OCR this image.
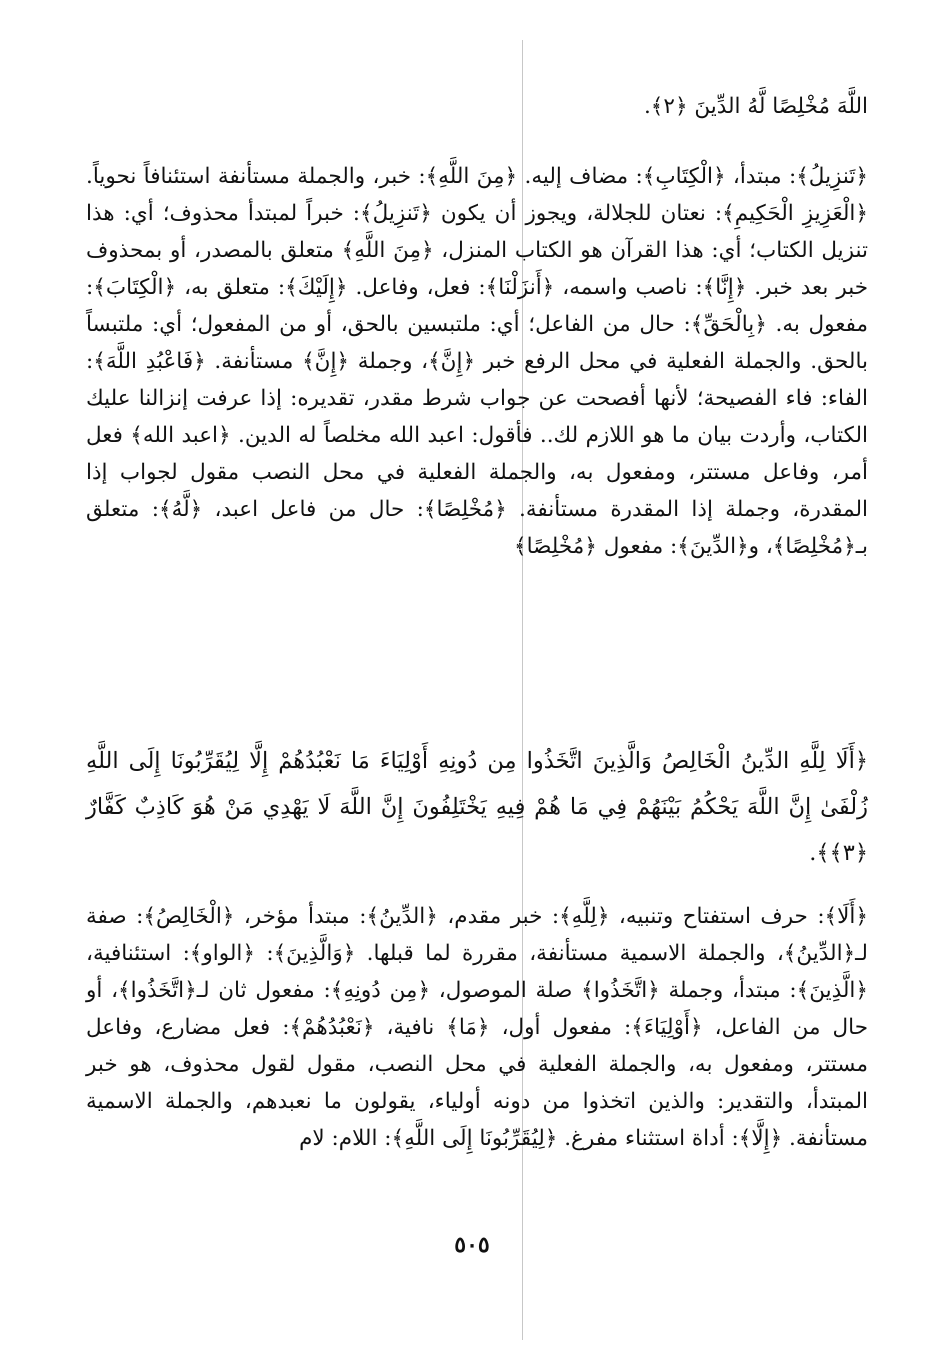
اللَّهَ مُخْلِصًا لَّهُ الدِّينَ ﴿٢﴾.

﴿تَنزِيلُ﴾: مبتدأ، ﴿الْكِتَابِ﴾: مضاف إليه. ﴿مِنَ اللَّهِ﴾: خبر، والجملة مستأنفة استئنافاً نحوياً. ﴿الْعَزِيزِ الْحَكِيمِ﴾: نعتان للجلالة، ويجوز أن يكون ﴿تَنزِيلُ﴾: خبراً لمبتدأ محذوف؛ أي: هذا تنزيل الكتاب؛ أي: هذا القرآن هو الكتاب المنزل، ﴿مِنَ اللَّهِ﴾ متعلق بالمصدر، أو بمحذوف خبر بعد خبر. ﴿إِنَّا﴾: ناصب واسمه، ﴿أَنزَلْنَا﴾: فعل، وفاعل. ﴿إِلَيْكَ﴾: متعلق به، ﴿الْكِتَابَ﴾: مفعول به. ﴿بِالْحَقِّ﴾: حال من الفاعل؛ أي: ملتبسين بالحق، أو من المفعول؛ أي: ملتبساً بالحق. والجملة الفعلية في محل الرفع خبر ﴿إِنَّ﴾، وجملة ﴿إِنَّ﴾ مستأنفة. ﴿فَاعْبُدِ اللَّهَ﴾: الفاء: فاء الفصيحة؛ لأنها أفصحت عن جواب شرط مقدر، تقديره: إذا عرفت إنزالنا عليك الكتاب، وأردت بيان ما هو اللازم لك.. فأقول: اعبد الله مخلصاً له الدين. ﴿اعبد الله﴾ فعل أمر، وفاعل مستتر، ومفعول به، والجملة الفعلية في محل النصب مقول لجواب إذا المقدرة، وجملة إذا المقدرة مستأنفة. ﴿مُخْلِصًا﴾: حال من فاعل اعبد، ﴿لَّهُ﴾: متعلق بـ﴿مُخْلِصًا﴾، و﴿الدِّينَ﴾: مفعول ﴿مُخْلِصًا﴾

﴿أَلَا لِلَّهِ الدِّينُ الْخَالِصُ وَالَّذِينَ اتَّخَذُوا مِن دُونِهِ أَوْلِيَاءَ مَا نَعْبُدُهُمْ إِلَّا لِيُقَرِّبُونَا إِلَى اللَّهِ زُلْفَىٰ إِنَّ اللَّهَ يَحْكُمُ بَيْنَهُمْ فِي مَا هُمْ فِيهِ يَخْتَلِفُونَ إِنَّ اللَّهَ لَا يَهْدِي مَنْ هُوَ كَاذِبٌ كَفَّارٌ ﴿٣﴾﴾.

﴿أَلَا﴾: حرف استفتاح وتنبيه، ﴿لِلَّهِ﴾: خبر مقدم، ﴿الدِّينُ﴾: مبتدأ مؤخر، ﴿الْخَالِصُ﴾: صفة لـ﴿الدِّينُ﴾، والجملة الاسمية مستأنفة، مقررة لما قبلها. ﴿وَالَّذِينَ﴾: ﴿الواو﴾: استئنافية، ﴿الَّذِينَ﴾: مبتدأ، وجملة ﴿اتَّخَذُوا﴾ صلة الموصول، ﴿مِن دُونِهِ﴾: مفعول ثان لـ﴿اتَّخَذُوا﴾، أو حال من الفاعل، ﴿أَوْلِيَاءَ﴾: مفعول أول، ﴿مَا﴾ نافية، ﴿نَعْبُدُهُمْ﴾: فعل مضارع، وفاعل مستتر، ومفعول به، والجملة الفعلية في محل النصب، مقول لقول محذوف، هو خبر المبتدأ، والتقدير: والذين اتخذوا من دونه أولياء، يقولون ما نعبدهم، والجملة الاسمية مستأنفة. ﴿إِلَّا﴾: أداة استثناء مفرغ. ﴿لِيُقَرِّبُونَا إِلَى اللَّهِ﴾: اللام: لام

٥٠٥
